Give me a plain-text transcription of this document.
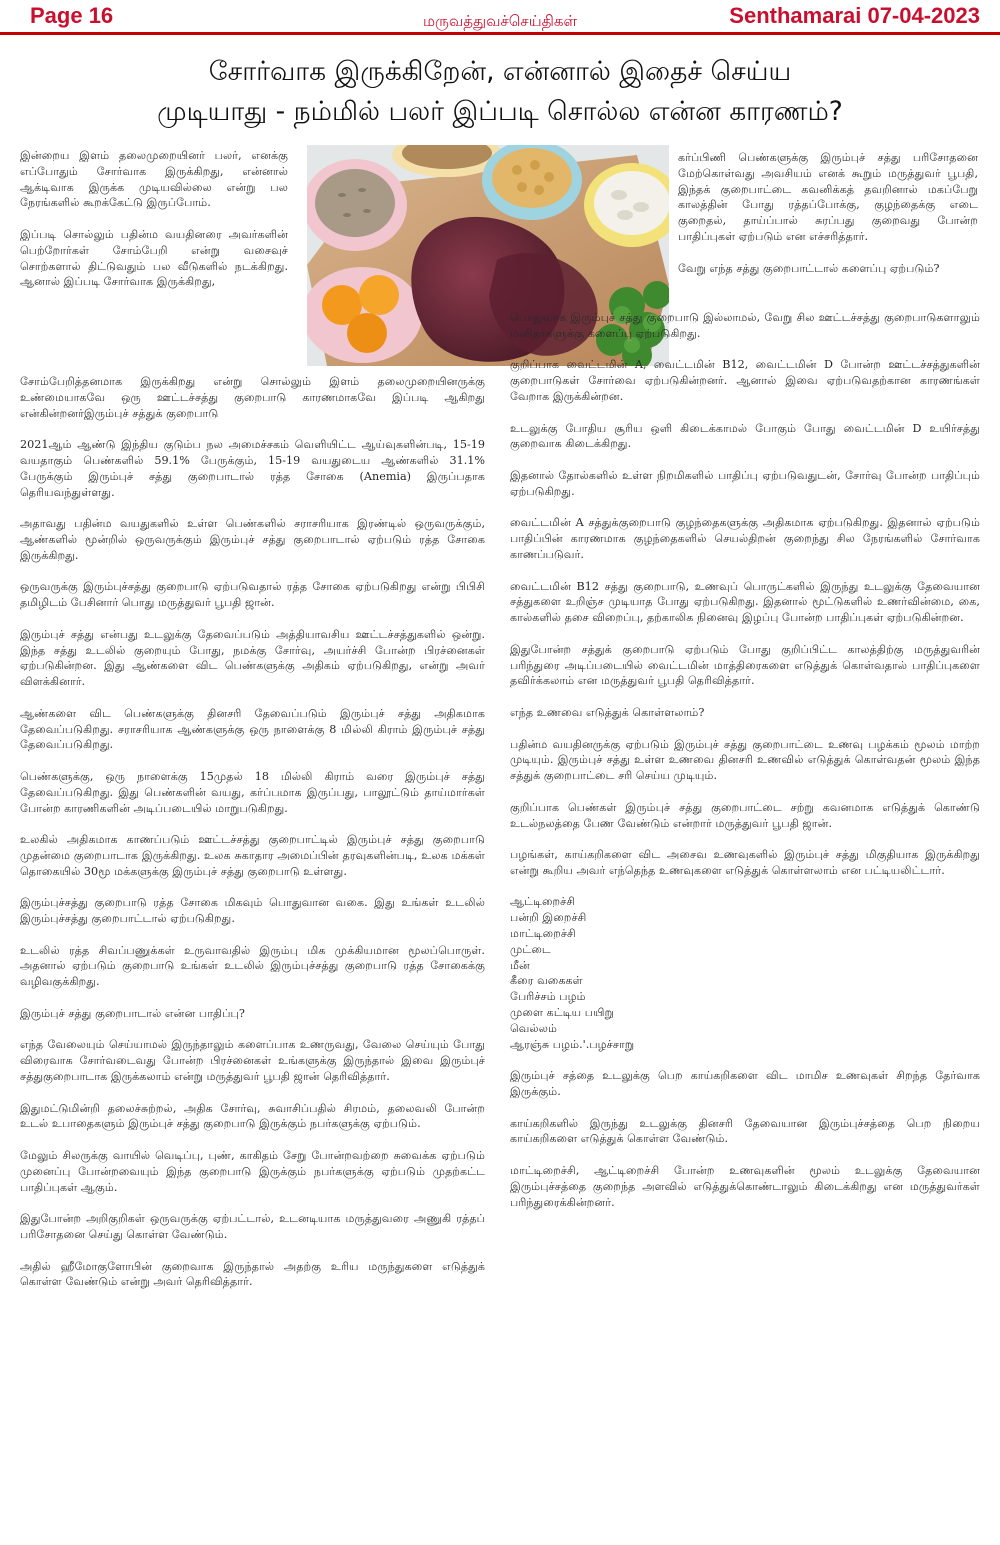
Page 16	மருவத்துவச்செய்திகள்	Senthamarai 07-04-2023
சோர்வாக இருக்கிறேன், என்னால் இதைச் செய்ய
முடியாது - நம்மில் பலர் இப்படி சொல்ல என்ன காரணம்?

இன்றைய இளம் தலைமுறையினர் பலர், எனக்கு எப்போதும் சோர்வாக இருக்கிறது, என்னால் ஆக்டிவாக இருக்க முடியவில்லை என்று பல நேரங்களில் கூறக்கேட்டு இருப்போம்.

இப்படி சொல்லும் பதின்ம வயதினரை அவர்களின் பெற்றோர்கள் சோம்பேறி என்று வசைவுச் சொற்களால் திட்டுவதும் பல வீடுகளில் நடக்கிறது. ஆனால் இப்படி சோர்வாக இருக்கிறது,

சோம்பேறித்தனமாக இருக்கிறது என்று சொல்லும் இளம் தலைமுறையினருக்கு உண்மையாகவே ஒரு ஊட்டச்சத்து குறைபாடு காரணமாகவே இப்படி ஆகிறது என்கின்றனர்இரும்புச் சத்துக் குறைபாடு

2021ஆம் ஆண்டு இந்திய குடும்ப நல அமைச்சகம் வெளியிட்ட ஆய்வுகளின்படி, 15-19 வயதாகும் பெண்களில் 59.1% பேருக்கும், 15-19 வயதுடைய ஆண்களில் 31.1% பேருக்கும் இரும்புச் சத்து குறைபாடால் ரத்த சோகை (Anemia) இருப்பதாக தெரியவந்துள்ளது.

அதாவது பதின்ம வயதுகளில் உள்ள பெண்களில் சராசரியாக இரண்டில் ஒருவருக்கும், ஆண்களில் மூன்றில் ஒருவருக்கும் இரும்புச் சத்து குறைபாடால் ஏற்படும் ரத்த சோகை இருக்கிறது.

ஒருவருக்கு இரும்புச்சத்து குறைபாடு ஏற்படுவதால் ரத்த சோகை ஏற்படுகிறது என்று பிபிசி தமிழிடம் பேசினார் பொது மருத்துவர் பூபதி ஜான்.

இரும்புச் சத்து என்பது உடலுக்கு தேவைப்படும் அத்தியாவசிய ஊட்டச்சத்துகளில் ஒன்று. இந்த சத்து உடலில் குறையும் போது, நமக்கு சோர்வு, அயர்ச்சி போன்ற பிரச்னைகள் ஏற்படுகின்றன. இது ஆண்களை விட பெண்களுக்கு அதிகம் ஏற்படுகிறது, என்று அவர் விளக்கினார்.

ஆண்களை விட பெண்களுக்கு தினசரி தேவைப்படும் இரும்புச் சத்து அதிகமாக தேவைப்படுகிறது. சராசரியாக ஆண்களுக்கு ஒரு நாளைக்கு 8 மில்லி கிராம் இரும்புச் சத்து தேவைப்படுகிறது.

பெண்களுக்கு, ஒரு நாளைக்கு 15முதல் 18 மில்லி கிராம் வரை இரும்புச் சத்து தேவைப்படுகிறது. இது பெண்களின் வயது, கர்ப்பமாக இருப்பது, பாலூட்டும் தாய்மார்கள் போன்ற காரணிகளின் அடிப்படையில் மாறுபடுகிறது.

உலகில் அதிகமாக காணப்படும் ஊட்டச்சத்து குறைபாட்டில் இரும்புச் சத்து குறைபாடு முதன்மை குறைபாடாக இருக்கிறது. உலக சுகாதார அமைப்பின் தரவுகளின்படி, உலக மக்கள் தொகையில் 30மூ மக்களுக்கு இரும்புச் சத்து குறைபாடு உள்ளது.

இரும்புச்சத்து குறைபாடு ரத்த சோகை மிகவும் பொதுவான வகை. இது உங்கள் உடலில் இரும்புச்சத்து குறைபாட்டால் ஏற்படுகிறது.

உடலில் ரத்த சிவப்பணுக்கள் உருவாவதில் இரும்பு மிக முக்கியமான மூலப்பொருள். அதனால் ஏற்படும் குறைபாடு உங்கள் உடலில் இரும்புச்சத்து குறைபாடு ரத்த சோகைக்கு வழிவகுக்கிறது.

இரும்புச் சத்து குறைபாடால் என்ன பாதிப்பு?

எந்த வேலையும் செய்யாமல் இருந்தாலும் களைப்பாக உணருவது, வேலை செய்யும் போது விரைவாக சோர்வடைவது போன்ற பிரச்னைகள் உங்களுக்கு இருந்தால் இவை இரும்புச் சத்துகுறைபாடாக இருக்கலாம் என்று மருத்துவர் பூபதி ஜான் தெரிவித்தார்.

இதுமட்டுமின்றி தலைச்சுற்றல், அதிக சோர்வு, சுவாசிப்பதில் சிரமம், தலைவலி போன்ற உடல் உபாதைகளும் இரும்புச் சத்து குறைபாடு இருக்கும் நபர்களுக்கு ஏற்படும்.

மேலும் சிலருக்கு வாயில் வெடிப்பு, புண், காகிதம் சேறு போன்றவற்றை சுவைக்க ஏற்படும் முனைப்பு போன்றவையும் இந்த குறைபாடு இருக்கும் நபர்களுக்கு ஏற்படும் முதற்கட்ட பாதிப்புகள் ஆகும்.

இதுபோன்ற அறிகுறிகள் ஒருவருக்கு ஏற்பட்டால், உடனடியாக மருத்துவரை அணுகி ரத்தப் பரிசோதனை செய்து கொள்ள வேண்டும்.

அதில் ஹீமோகுளோபின் குறைவாக இருந்தால் அதற்கு உரிய மருந்துகளை எடுத்துக் கொள்ள வேண்டும் என்று அவர் தெரிவித்தார்.

கர்ப்பிணி பெண்களுக்கு இரும்புச் சத்து பரிசோதனை மேற்கொள்வது அவசியம் எனக் கூறும் மருத்துவர் பூபதி, இந்தக் குறைபாட்டை கவனிக்கத் தவறினால் மகப்பேறு காலத்தின் போது ரத்தப்போக்கு, குழந்தைக்கு எடை குறைதல், தாய்ப்பால் சுரப்பது குறைவது போன்ற பாதிப்புகள் ஏற்படும் என எச்சரித்தார்.

வேறு எந்த சத்து குறைபாட்டால் களைப்பு ஏற்படும்?

பொதுவாக இரும்புச் சத்து குறைபாடு இல்லாமல், வேறு சில ஊட்டச்சத்து குறைபாடுகளாலும் மனிதர்களுக்கு களைப்பு ஏற்படுகிறது.

குறிப்பாக வைட்டமின் A, வைட்டமின் B12, வைட்டமின் D போன்ற ஊட்டச்சத்துகளின் குறைபாடுகள் சோர்வை ஏற்படுகின்றனர். ஆனால் இவை ஏற்படுவதற்கான காரணங்கள் வேறாக இருக்கின்றன.

உடலுக்கு போதிய சூரிய ஒளி கிடைக்காமல் போகும் போது வைட்டமின் D உயிர்சத்து குறைவாக கிடைக்கிறது.

இதனால் தோல்களில் உள்ள நிறமிகளில் பாதிப்பு ஏற்படுவதுடன், சோர்வு போன்ற பாதிப்பும் ஏற்படுகிறது.

வைட்டமின் A சத்துக்குறைபாடு குழந்தைகளுக்கு அதிகமாக ஏற்படுகிறது. இதனால் ஏற்படும் பாதிப்பின் காரணமாக குழந்தைகளில் செயல்திறன் குறைந்து சில நேரங்களில் சோர்வாக காணப்படுவர்.

வைட்டமின் B12 சத்து குறைபாடு, உணவுப் பொருட்களில் இருந்து உடலுக்கு தேவையான சத்துகளை உறிஞ்ச முடியாத போது ஏற்படுகிறது. இதனால் மூட்டுகளில் உணர்வின்மை, கை, கால்களில் தசை விறைப்பு, தற்காலிக நினைவு இழப்பு போன்ற பாதிப்புகள் ஏற்படுகின்றன.

இதுபோன்ற சத்துக் குறைபாடு ஏற்படும் போது குறிப்பிட்ட காலத்திற்கு மருத்துவரின் பரிந்துரை அடிப்படையில் வைட்டமின் மாத்திரைகளை எடுத்துக் கொள்வதால் பாதிப்புகளை தவிர்க்கலாம் என மருத்துவர் பூபதி தெரிவித்தார்.

எந்த உணவை எடுத்துக் கொள்ளலாம்?

பதின்ம வயதினருக்கு ஏற்படும் இரும்புச் சத்து குறைபாட்டை உணவு பழக்கம் மூலம் மாற்ற முடியும். இரும்புச் சத்து உள்ள உணவை தினசரி உணவில் எடுத்துக் கொள்வதன் மூலம் இந்த சத்துக் குறைபாட்டை சரி செய்ய முடியும்.

குறிப்பாக பெண்கள் இரும்புச் சத்து குறைபாட்டை சற்று கவனமாக எடுத்துக் கொண்டு உடல்நலத்தை பேண வேண்டும் என்றார் மருத்துவர் பூபதி ஜான்.

பழங்கள், காய்கறிகளை விட அசைவ உணவுகளில் இரும்புச் சத்து மிகுதியாக இருக்கிறது என்று கூறிய அவர் எந்தெந்த உணவுகளை எடுத்துக் கொள்ளலாம் என பட்டியலிட்டார்.

ஆட்டிறைச்சி
பன்றி இறைச்சி
மாட்டிறைச்சி
முட்டை
மீன்
கீரை வகைகள்
பேரிச்சம் பழம்
முளை கட்டிய பயிறு
வெல்லம்
ஆரஞ்சு பழம்.'.பழச்சாறு

இரும்புச் சத்தை உடலுக்கு பெற காய்கறிகளை விட மாமிச உணவுகள் சிறந்த தேர்வாக இருக்கும்.

காய்கறிகளில் இருந்து உடலுக்கு தினசரி தேவையான இரும்புச்சத்தை பெற நிறைய காய்கறிகளை எடுத்துக் கொள்ள வேண்டும்.

மாட்டிறைச்சி, ஆட்டிறைச்சி போன்ற உணவுகளின் மூலம் உடலுக்கு தேவையான இரும்புச்சத்தை குறைந்த அளவில் எடுத்துக்கொண்டாலும் கிடைக்கிறது என மருத்துவர்கள் பரிந்துரைக்கின்றனர்.
